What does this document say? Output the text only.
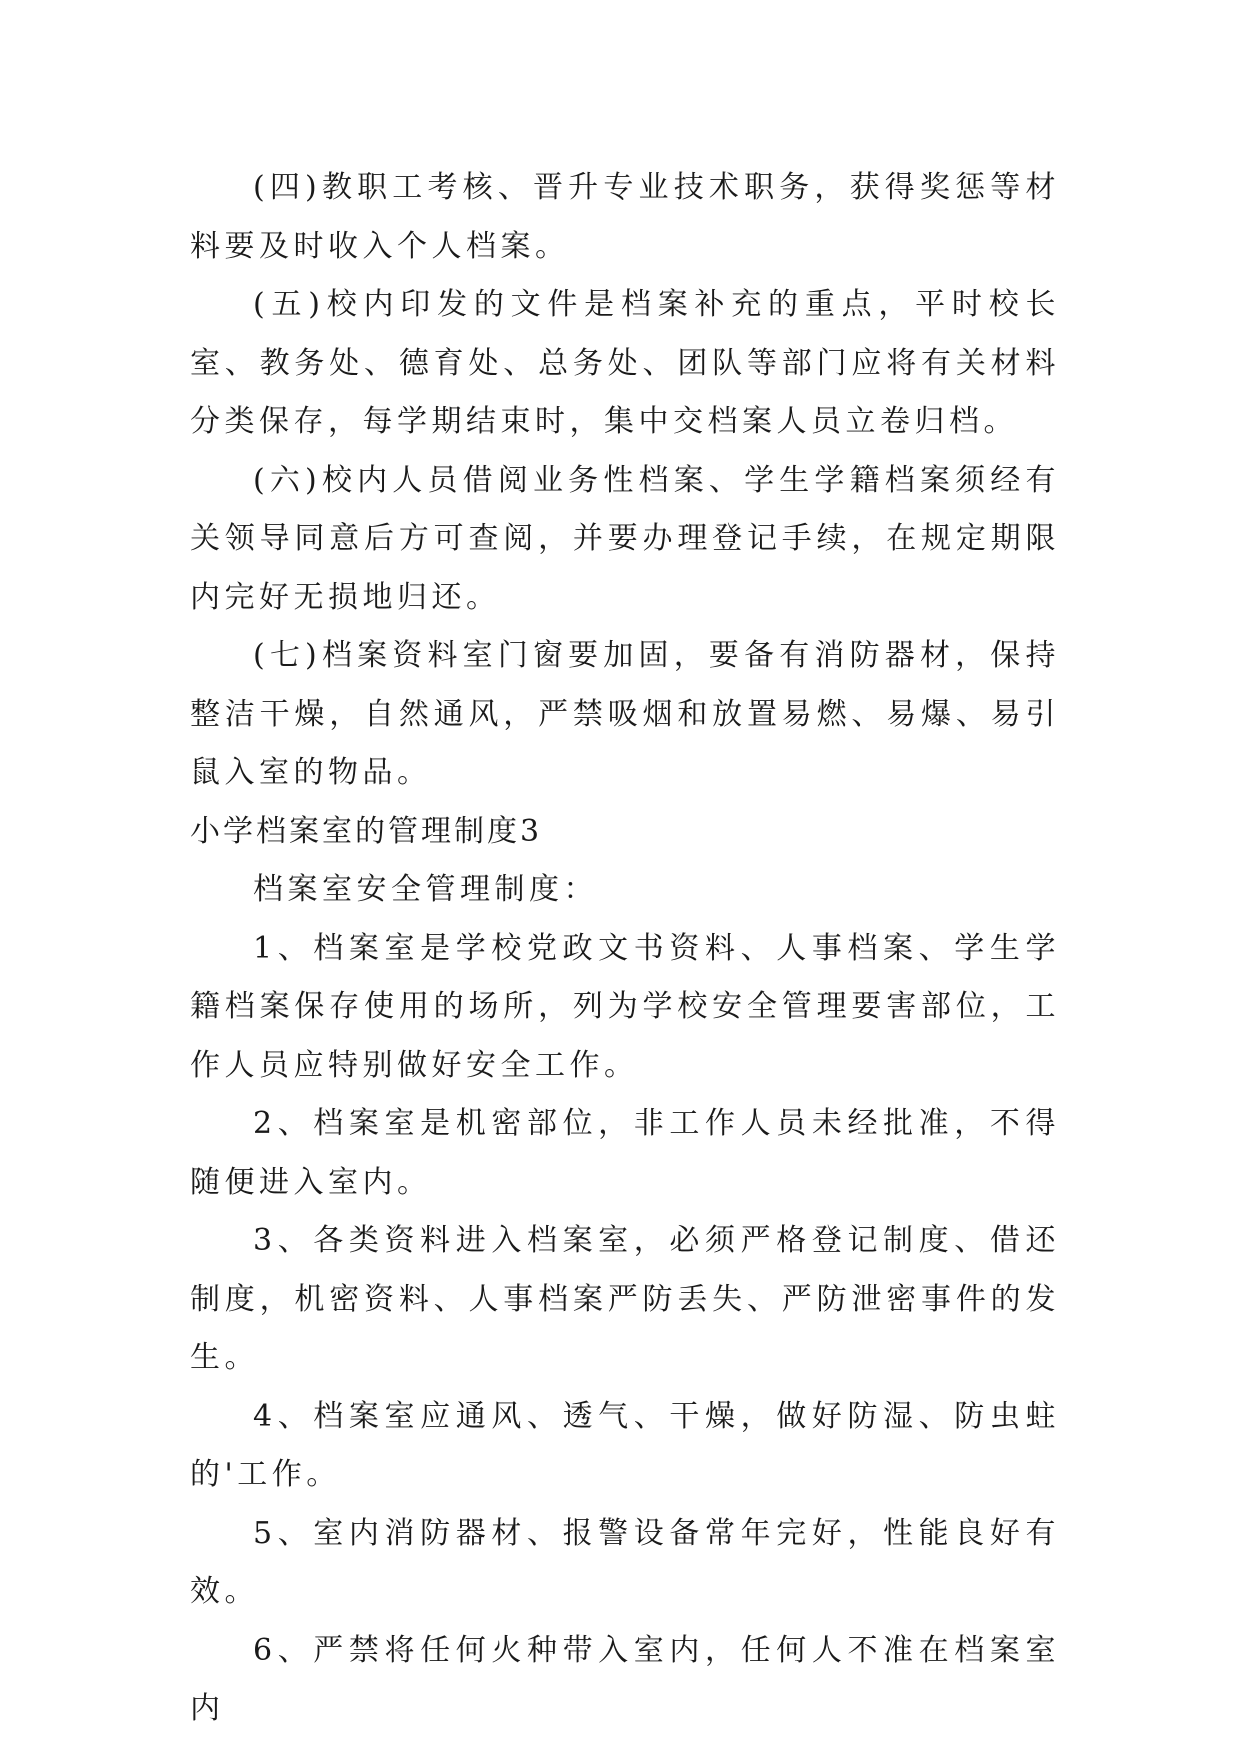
(四)教职工考核、晋升专业技术职务，获得奖惩等材料要及时收入个人档案。

(五)校内印发的文件是档案补充的重点，平时校长室、教务处、德育处、总务处、团队等部门应将有关材料分类保存，每学期结束时，集中交档案人员立卷归档。

(六)校内人员借阅业务性档案、学生学籍档案须经有关领导同意后方可查阅，并要办理登记手续，在规定期限内完好无损地归还。

(七)档案资料室门窗要加固，要备有消防器材，保持整洁干燥，自然通风，严禁吸烟和放置易燃、易爆、易引鼠入室的物品。

小学档案室的管理制度3

档案室安全管理制度：

1、档案室是学校党政文书资料、人事档案、学生学籍档案保存使用的场所，列为学校安全管理要害部位，工作人员应特别做好安全工作。

2、档案室是机密部位，非工作人员未经批准，不得随便进入室内。

3、各类资料进入档案室，必须严格登记制度、借还制度，机密资料、人事档案严防丢失、严防泄密事件的发生。

4、档案室应通风、透气、干燥，做好防湿、防虫蛀的'工作。

5、室内消防器材、报警设备常年完好，性能良好有效。

6、严禁将任何火种带入室内，任何人不准在档案室内
